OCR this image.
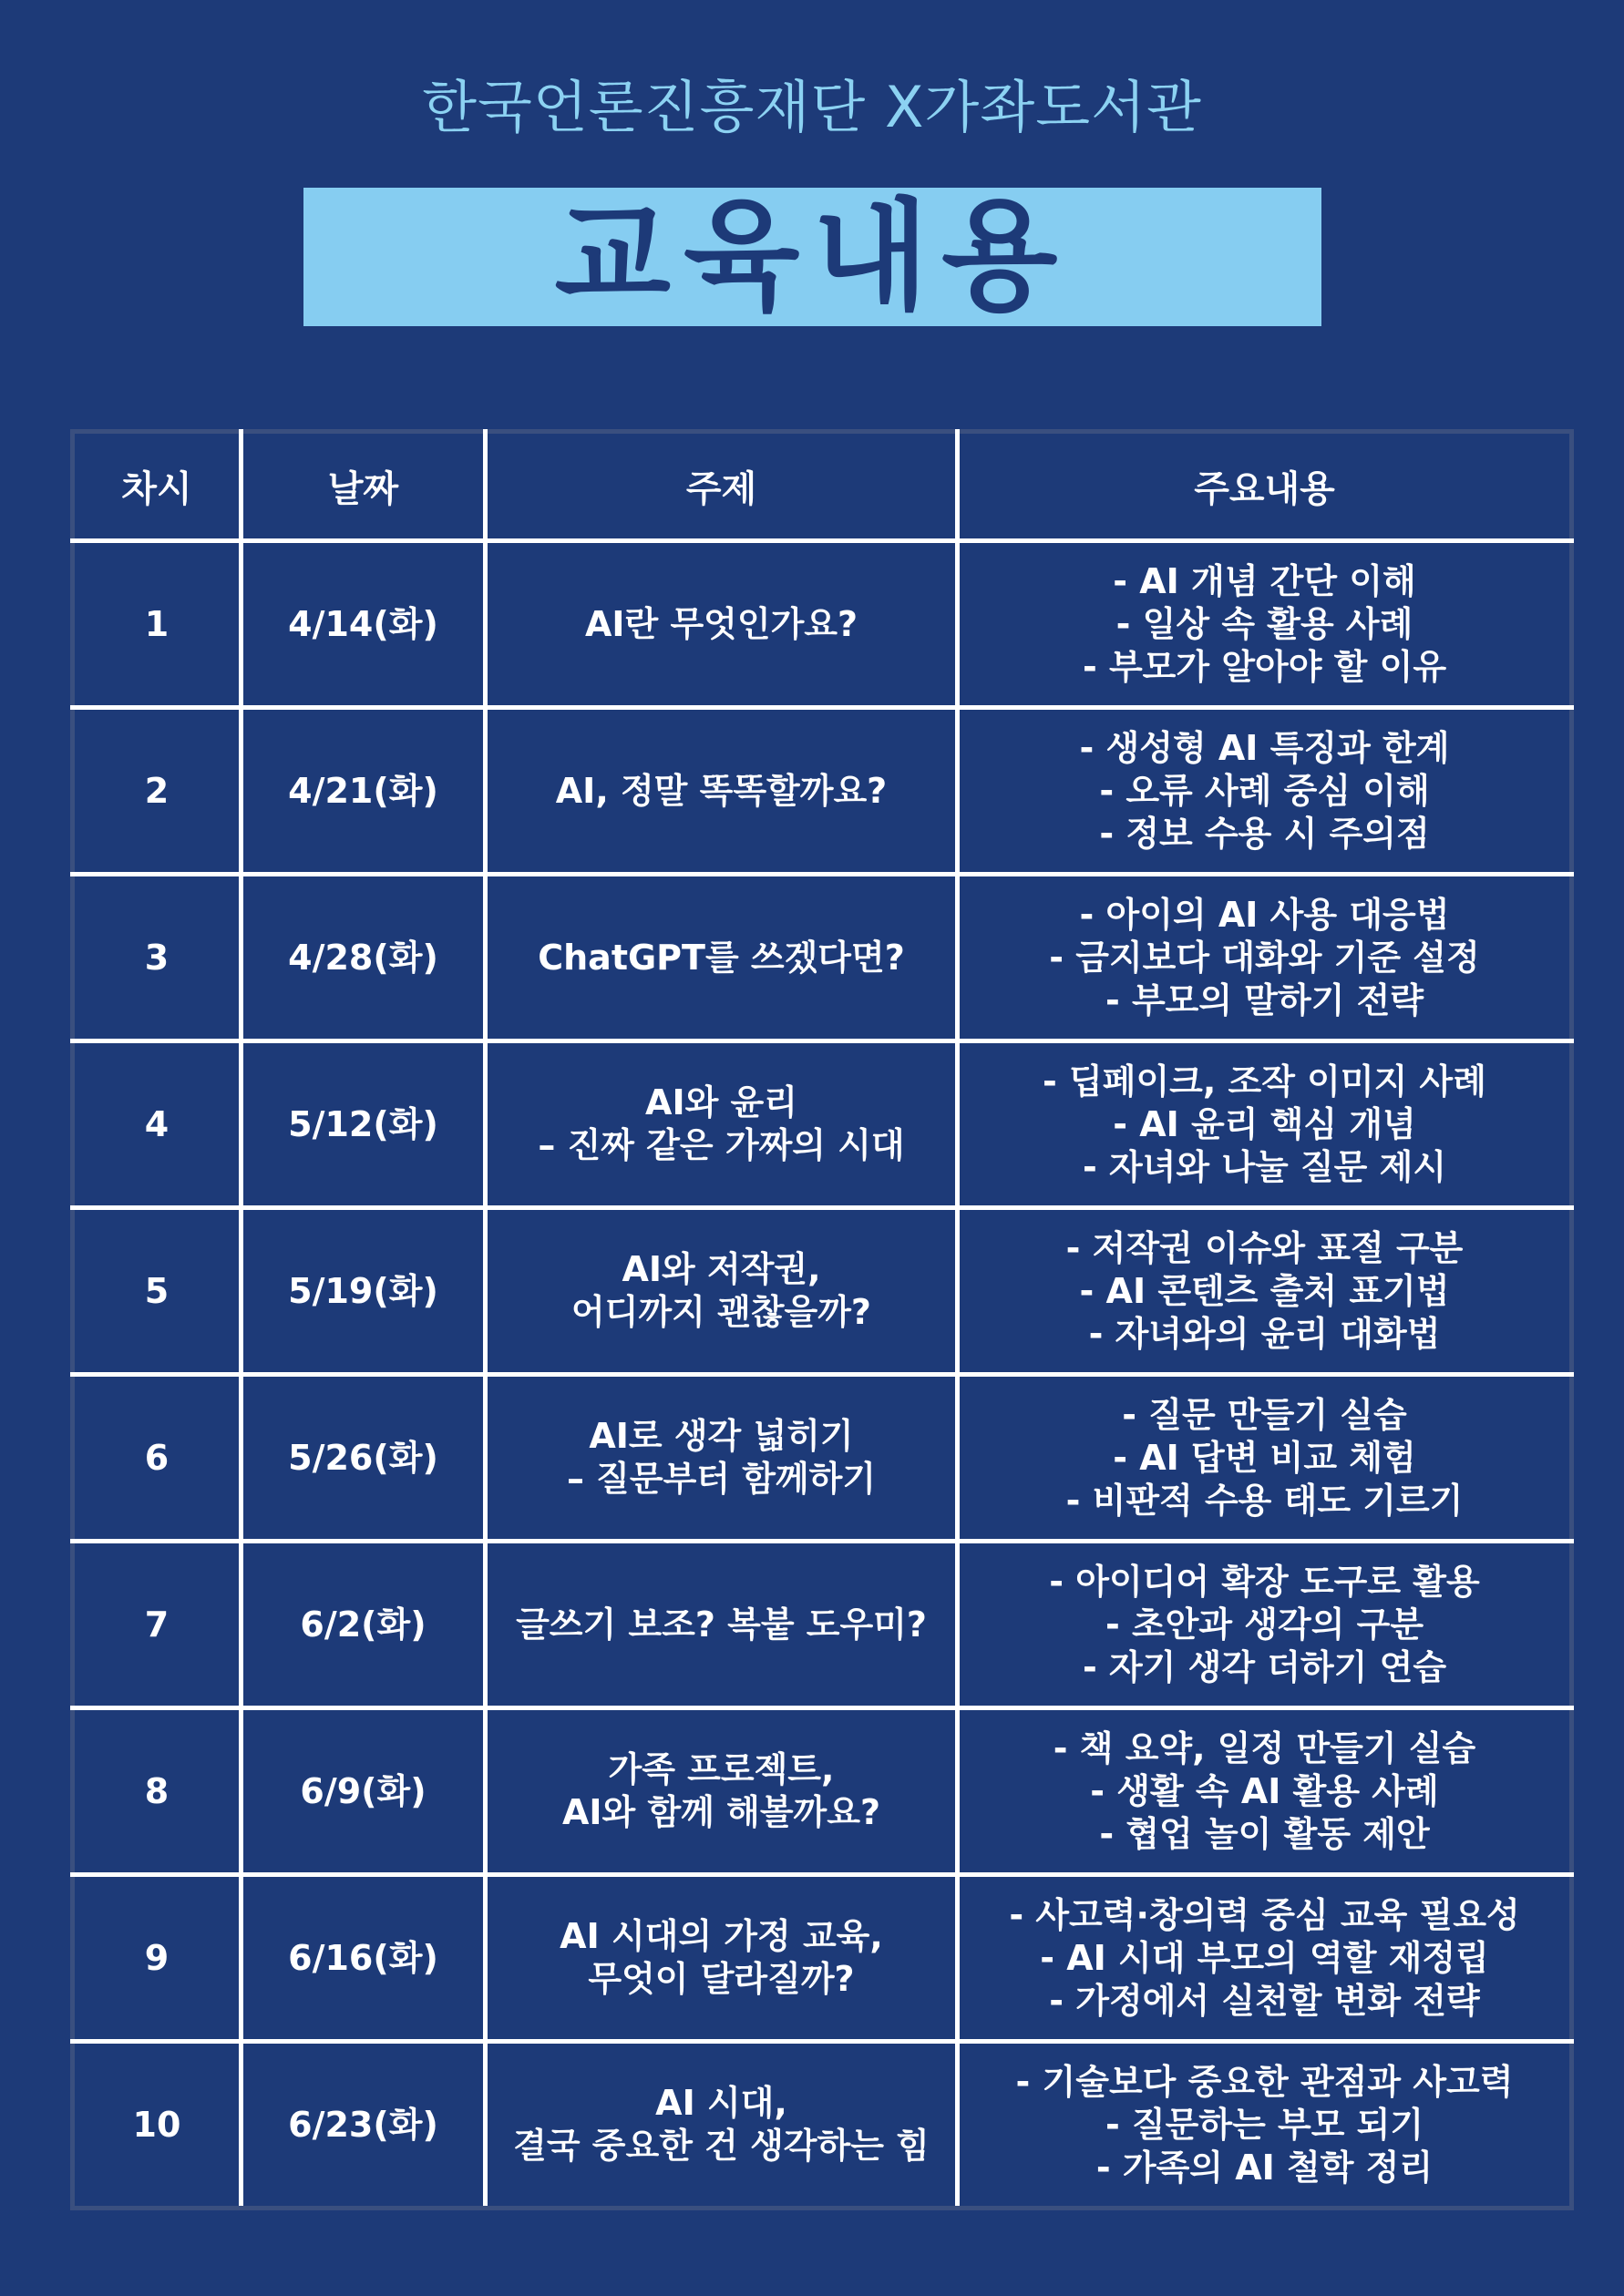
한국언론진흥재단 X가좌도서관
교육내용
차시	날짜	주제	주요내용
1	4/14(화)	AI란 무엇인가요?	- AI 개념 간단 이해
- 일상 속 활용 사례
- 부모가 알아야 할 이유

2	4/21(화)	AI, 정말 똑똑할까요?	- 생성형 AI 특징과 한계
- 오류 사례 중심 이해
- 정보 수용 시 주의점

3	4/28(화)	ChatGPT를 쓰겠다면?	- 아이의 AI 사용 대응법
- 금지보다 대화와 기준 설정
- 부모의 말하기 전략

4	5/12(화)	AI와 윤리
– 진짜 같은 가짜의 시대	- 딥페이크, 조작 이미지 사례
- AI 윤리 핵심 개념
- 자녀와 나눌 질문 제시

5	5/19(화)	AI와 저작권,
어디까지 괜찮을까?	- 저작권 이슈와 표절 구분
- AI 콘텐츠 출처 표기법
- 자녀와의 윤리 대화법

6	5/26(화)	AI로 생각 넓히기
– 질문부터 함께하기	- 질문 만들기 실습
- AI 답변 비교 체험
- 비판적 수용 태도 기르기

7	6/2(화)	글쓰기 보조? 복붙 도우미?	- 아이디어 확장 도구로 활용
- 초안과 생각의 구분
- 자기 생각 더하기 연습

8	6/9(화)	가족 프로젝트,
AI와 함께 해볼까요?	- 책 요약, 일정 만들기 실습
- 생활 속 AI 활용 사례
- 협업 놀이 활동 제안

9	6/16(화)	AI 시대의 가정 교육,
무엇이 달라질까?	- 사고력·창의력 중심 교육 필요성
- AI 시대 부모의 역할 재정립
- 가정에서 실천할 변화 전략

10	6/23(화)	AI 시대,
결국 중요한 건 생각하는 힘	- 기술보다 중요한 관점과 사고력
- 질문하는 부모 되기
- 가족의 AI 철학 정리
